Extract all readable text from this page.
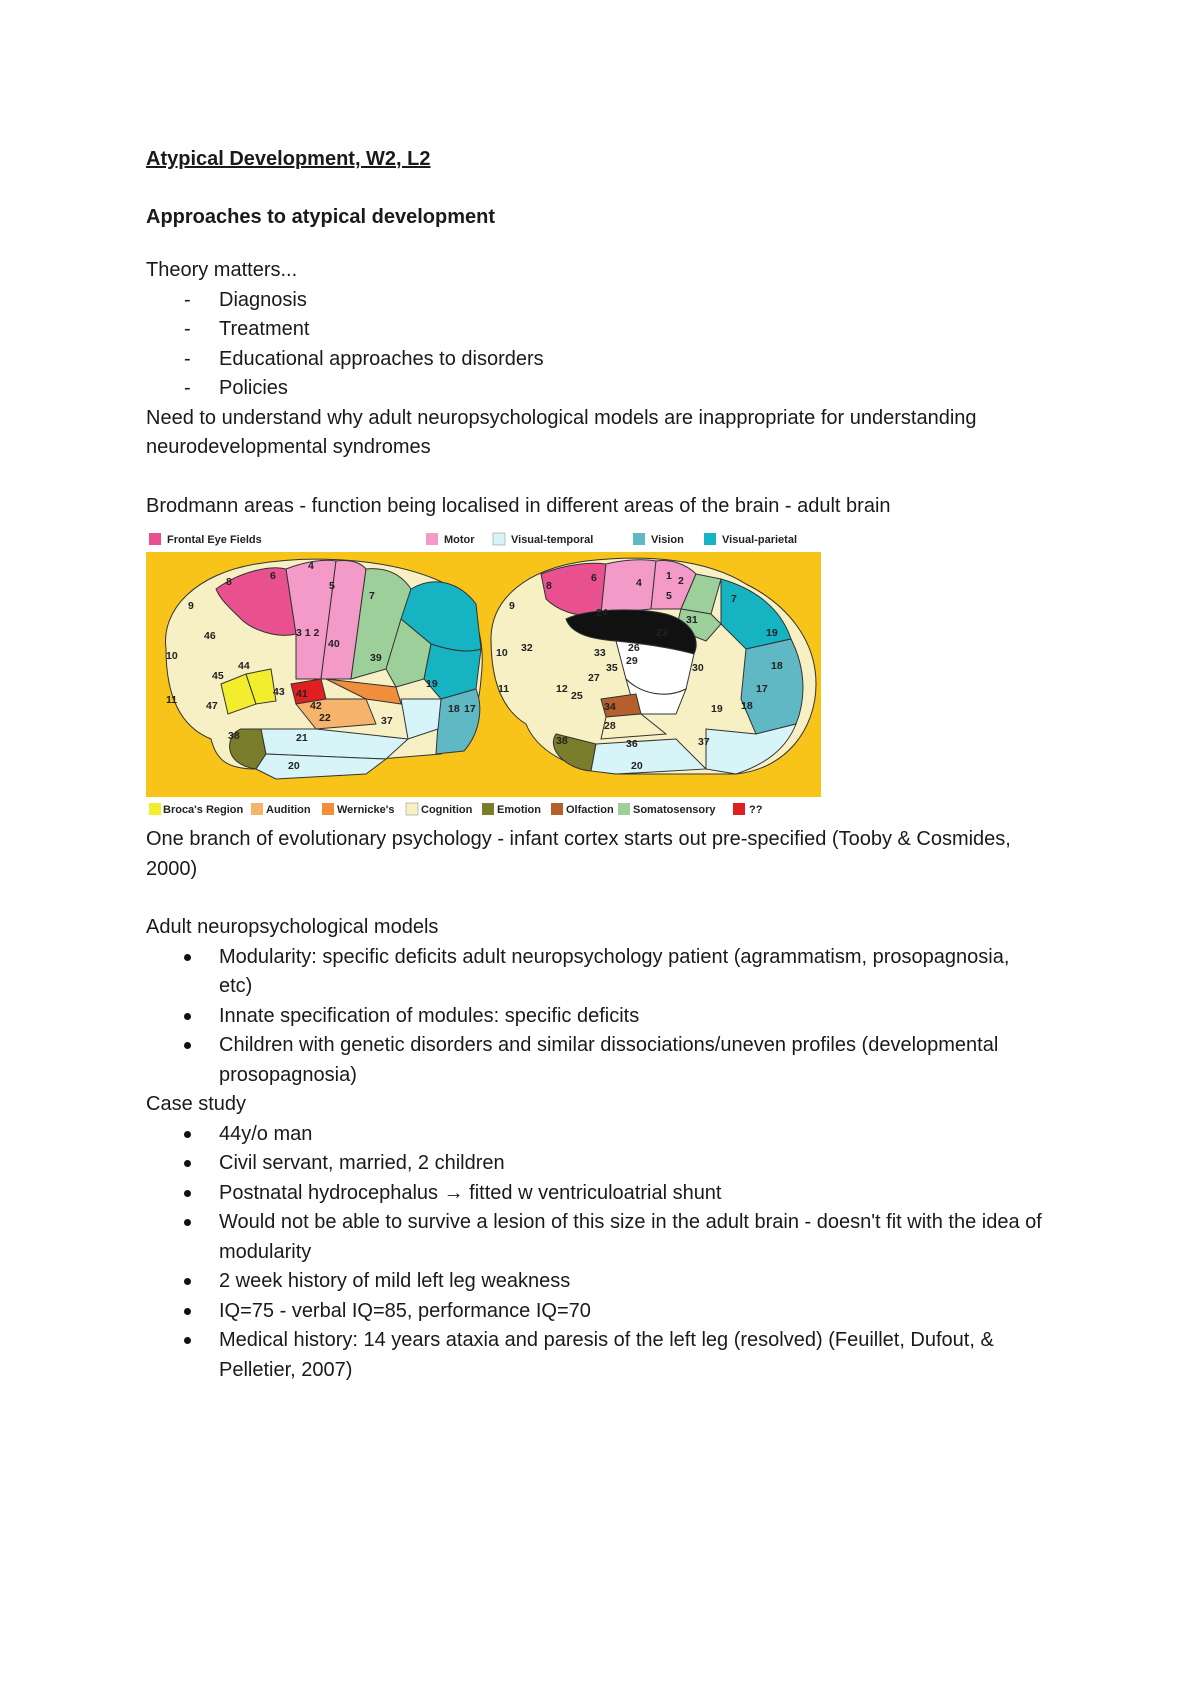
Atypical Development, W2, L2

Approaches to atypical development

Theory matters...

- Diagnosis
- Treatment
- Educational approaches to disorders
- Policies

Need to understand why adult neuropsychological models are inappropriate for understanding neurodevelopmental syndromes

Brodmann areas - function being localised in different areas of the brain - adult brain

Frontal Eye Fields	Motor	Visual-temporal	Vision	Visual-parietal
8	6
4
5
7
9
46	3 1 2
40
39
10
45
44
43 41
42
22
19
18 17
11	47
38	21
37
20
8
6	4
1 2
5	7
9
24
31
23
10 32	33 26
29
19
18
35
27
30
11	12
25
34
17
19 18
38
28
36	37
20
Broca's Region Audition Wernicke's Cognition Emotion Olfaction Somatosensory	??

One branch of evolutionary psychology - infant cortex starts out pre-specified (Tooby & Cosmides, 2000)

Adult neuropsychological models

Modularity: specific deficits adult neuropsychology patient (agrammatism, prosopagnosia, etc)
Innate specification of modules: specific deficits
Children with genetic disorders and similar dissociations/uneven profiles (developmental prosopagnosia)

Case study

44y/o man
Civil servant, married, 2 children
Postnatal hydrocephalus → fitted w ventriculoatrial shunt
Would not be able to survive a lesion of this size in the adult brain - doesn't fit with the idea of modularity
2 week history of mild left leg weakness
IQ=75 - verbal IQ=85, performance IQ=70
Medical history: 14 years ataxia and paresis of the left leg (resolved) (Feuillet, Dufout, & Pelletier, 2007)
